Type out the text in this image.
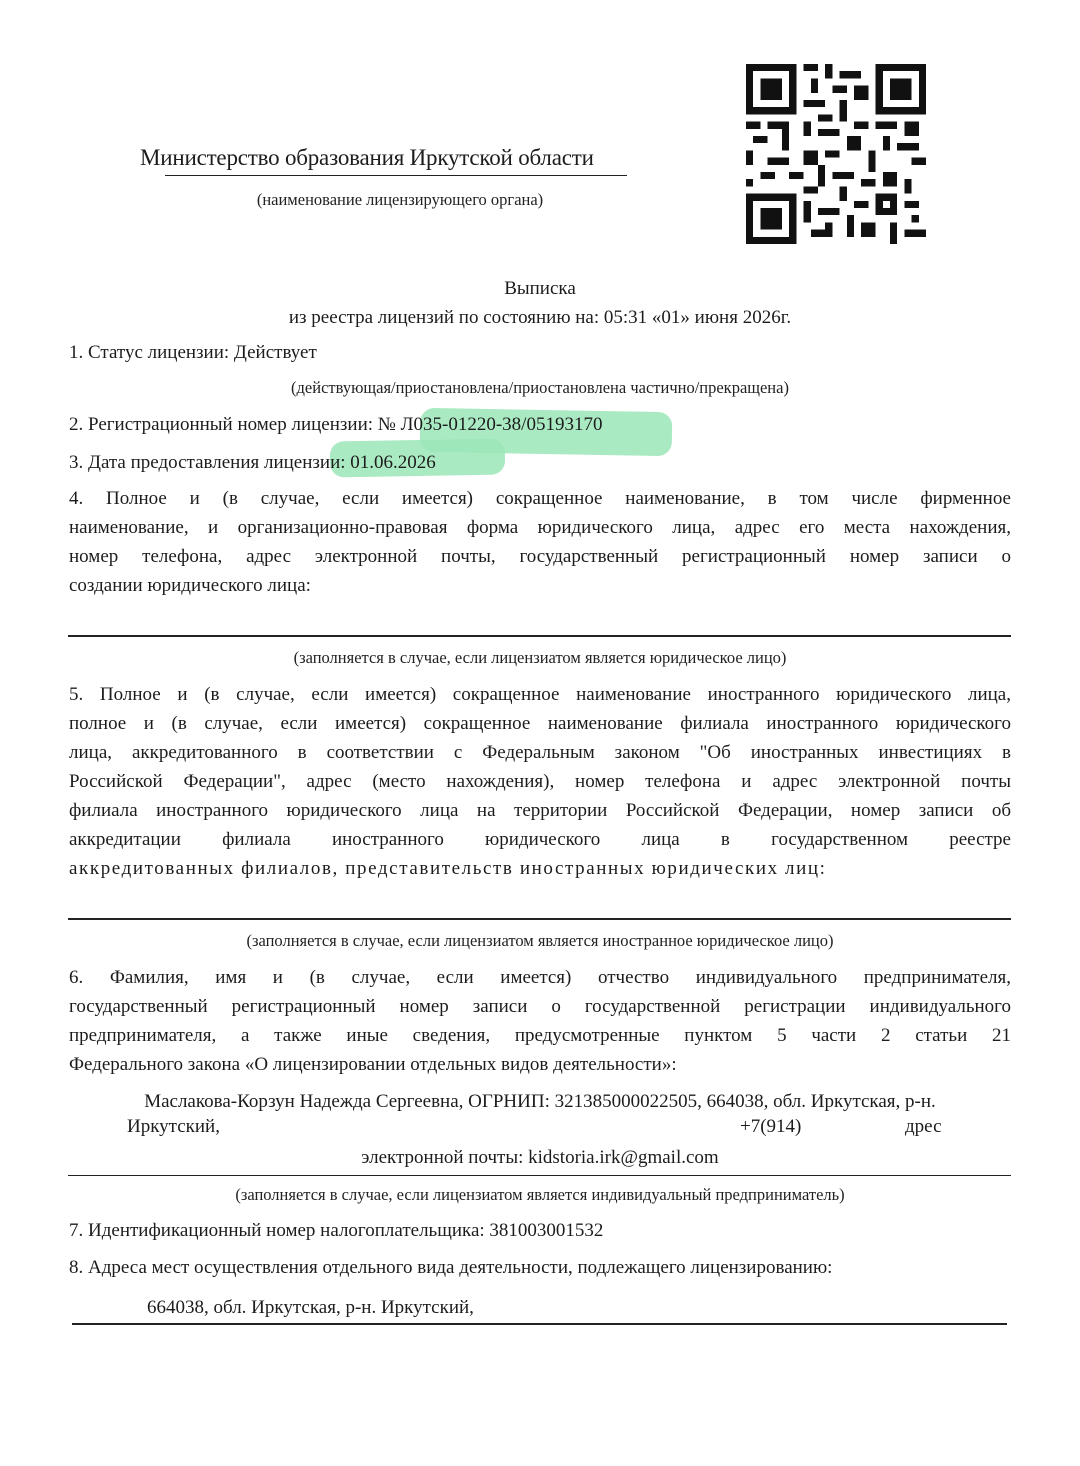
Министерство образования Иркутской области
(наименование лицензирующего органа)
Выписка
из реестра лицензий по состоянию на: 05:31 «01» июня 2026г.
1. Статус лицензии: Действует
(действующая/приостановлена/приостановлена частично/прекращена)
2. Регистрационный номер лицензии: № Л035-01220-38/05193170
3. Дата предоставления лицензии: 01.06.2026
4. Полное и (в случае, если имеется) сокращенное наименование, в том числе фирменное
наименование, и организационно-правовая форма юридического лица, адрес его места нахождения,
номер телефона, адрес электронной почты, государственный регистрационный номер записи о
создании юридического лица:
(заполняется в случае, если лицензиатом является юридическое лицо)
5. Полное и (в случае, если имеется) сокращенное наименование иностранного юридического лица,
полное и (в случае, если имеется) сокращенное наименование филиала иностранного юридического
лица, аккредитованного в соответствии с Федеральным законом "Об иностранных инвестициях в
Российской Федерации", адрес (место нахождения), номер телефона и адрес электронной почты
филиала иностранного юридического лица на территории Российской Федерации, номер записи об
аккредитации филиала иностранного юридического лица в государственном реестре
аккредитованных филиалов, представительств иностранных юридических лиц:
(заполняется в случае, если лицензиатом является иностранное юридическое лицо)
6. Фамилия, имя и (в случае, если имеется) отчество индивидуального предпринимателя,
государственный регистрационный номер записи о государственной регистрации индивидуального
предпринимателя, а также иные сведения, предусмотренные пунктом 5 части 2 статьи 21
Федерального закона «О лицензировании отдельных видов деятельности»:
Маслакова-Корзун Надежда Сергеевна, ОГРНИП: 321385000022505, 664038, обл. Иркутская, р-н.
Иркутский,	+7(914)	дрес
электронной почты: kidstoria.irk@gmail.com
(заполняется в случае, если лицензиатом является индивидуальный предприниматель)
7. Идентификационный номер налогоплательщика: 381003001532
8. Адреса мест осуществления отдельного вида деятельности, подлежащего лицензированию:
664038, обл. Иркутская, р-н. Иркутский,
